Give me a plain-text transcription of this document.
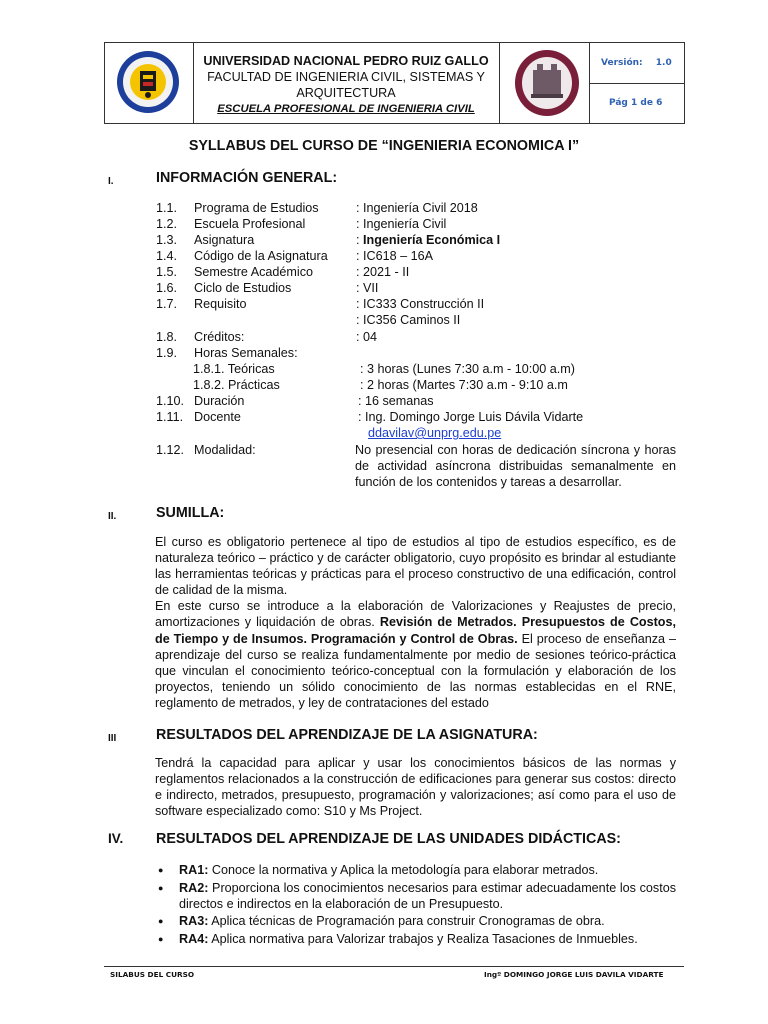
UNIVERSIDAD NACIONAL PEDRO RUIZ GALLO
FACULTAD DE INGENIERIA CIVIL, SISTEMAS Y
ARQUITECTURA
ESCUELA PROFESIONAL DE INGENIERIA CIVIL
Versión: 1.0
Pág 1 de 6
SYLLABUS DEL CURSO DE “INGENIERIA ECONOMICA I”
I.	INFORMACIÓN GENERAL:
1.1. Programa de Estudios	: Ingeniería Civil 2018
1.2. Escuela Profesional	: Ingeniería Civil
1.3. Asignatura	: Ingeniería Económica I
1.4. Código de la Asignatura : IC618 – 16A
1.5. Semestre Académico	: 2021 - II
1.6. Ciclo de Estudios	: VII
1.7. Requisito	: IC333 Construcción II
: IC356 Caminos II
1.8. Créditos:	: 04
1.9. Horas Semanales:
1.8.1. Teóricas	: 3 horas (Lunes 7:30 a.m - 10:00 a.m)
1.8.2. Prácticas	: 2 horas (Martes 7:30 a.m - 9:10 a.m
1.10. Duración	: 16 semanas
1.11. Docente	: Ing. Domingo Jorge Luis Dávila Vidarte
ddavilav@unprg.edu.pe
1.12. Modalidad:	No presencial con horas de dedicación síncrona y horas de actividad asíncrona distribuidas semanalmente en función de los contenidos y tareas a desarrollar.
II.	SUMILLA:

El curso es obligatorio pertenece al tipo de estudios al tipo de estudios específico, es de naturaleza teórico – práctico y de carácter obligatorio, cuyo propósito es brindar al estudiante las herramientas teóricas y prácticas para el proceso constructivo de una edificación, control de calidad de la misma.

En este curso se introduce a la elaboración de Valorizaciones y Reajustes de precio, amortizaciones y liquidación de obras. Revisión de Metrados. Presupuestos de Costos, de Tiempo y de Insumos. Programación y Control de Obras. El proceso de enseñanza – aprendizaje del curso se realiza fundamentalmente por medio de sesiones teórico-práctica que vinculan el conocimiento teórico-conceptual con la formulación y elaboración de los proyectos, teniendo un sólido conocimiento de las normas establecidas en el RNE, reglamento de metrados, y ley de contrataciones del estado

III	RESULTADOS DEL APRENDIZAJE DE LA ASIGNATURA:
Tendrá la capacidad para aplicar y usar los conocimientos básicos de las normas y reglamentos relacionados a la construcción de edificaciones para generar sus costos: directo e indirecto, metrados, presupuesto, programación y valorizaciones; así como para el uso de software especializado como: S10 y Ms Project.
IV. RESULTADOS DEL APRENDIZAJE DE LAS UNIDADES DIDÁCTICAS:
● RA1: Conoce la normativa y Aplica la metodología para elaborar metrados.
● RA2: Proporciona los conocimientos necesarios para estimar adecuadamente los costos directos e indirectos en la elaboración de un Presupuesto.
● RA3: Aplica técnicas de Programación para construir Cronogramas de obra.
● RA4: Aplica normativa para Valorizar trabajos y Realiza Tasaciones de Inmuebles.
SILABUS DEL CURSO	Ingº DOMINGO JORGE LUIS DAVILA VIDARTE
